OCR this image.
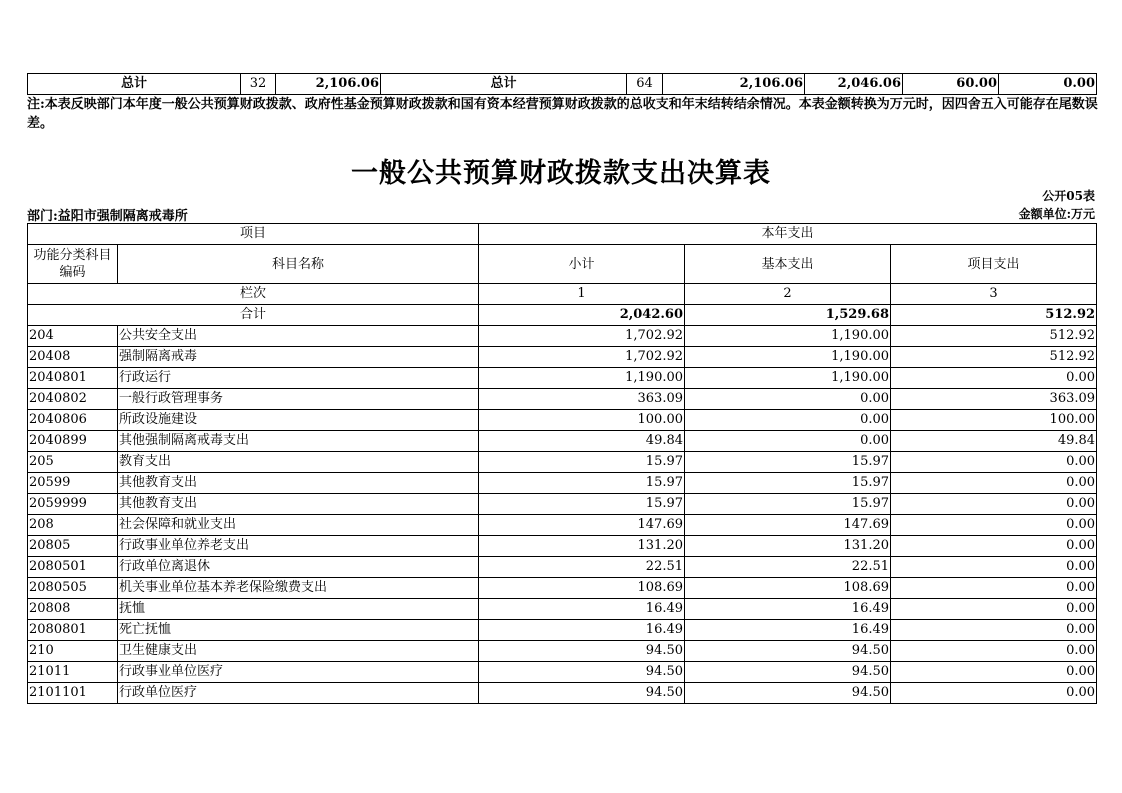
总计	32	2,106.06	总计	64	2,106.06	2,046.06	60.00	0.00
注:本表反映部门本年度一般公共预算财政拨款、政府性基金预算财政拨款和国有资本经营预算财政拨款的总收支和年末结转结余情况。本表金额转换为万元时，因四舍五入可能存在尾数误差。
一般公共预算财政拨款支出决算表
公开05表
部门:益阳市强制隔离戒毒所	金额单位:万元
项目		本年支出		
功能分类科目编码	科目名称	小计	基本支出	项目支出
栏次		1	2	3
合计		2,042.60	1,529.68	512.92
204	公共安全支出	1,702.92	1,190.00	512.92
20408	强制隔离戒毒	1,702.92	1,190.00	512.92
2040801	行政运行	1,190.00	1,190.00	0.00
2040802	一般行政管理事务	363.09	0.00	363.09
2040806	所政设施建设	100.00	0.00	100.00
2040899	其他强制隔离戒毒支出	49.84	0.00	49.84
205	教育支出	15.97	15.97	0.00
20599	其他教育支出	15.97	15.97	0.00
2059999	其他教育支出	15.97	15.97	0.00
208	社会保障和就业支出	147.69	147.69	0.00
20805	行政事业单位养老支出	131.20	131.20	0.00
2080501	行政单位离退休	22.51	22.51	0.00
2080505	机关事业单位基本养老保险缴费支出	108.69	108.69	0.00
20808	抚恤	16.49	16.49	0.00
2080801	死亡抚恤	16.49	16.49	0.00
210	卫生健康支出	94.50	94.50	0.00
21011	行政事业单位医疗	94.50	94.50	0.00
2101101	行政单位医疗	94.50	94.50	0.00
